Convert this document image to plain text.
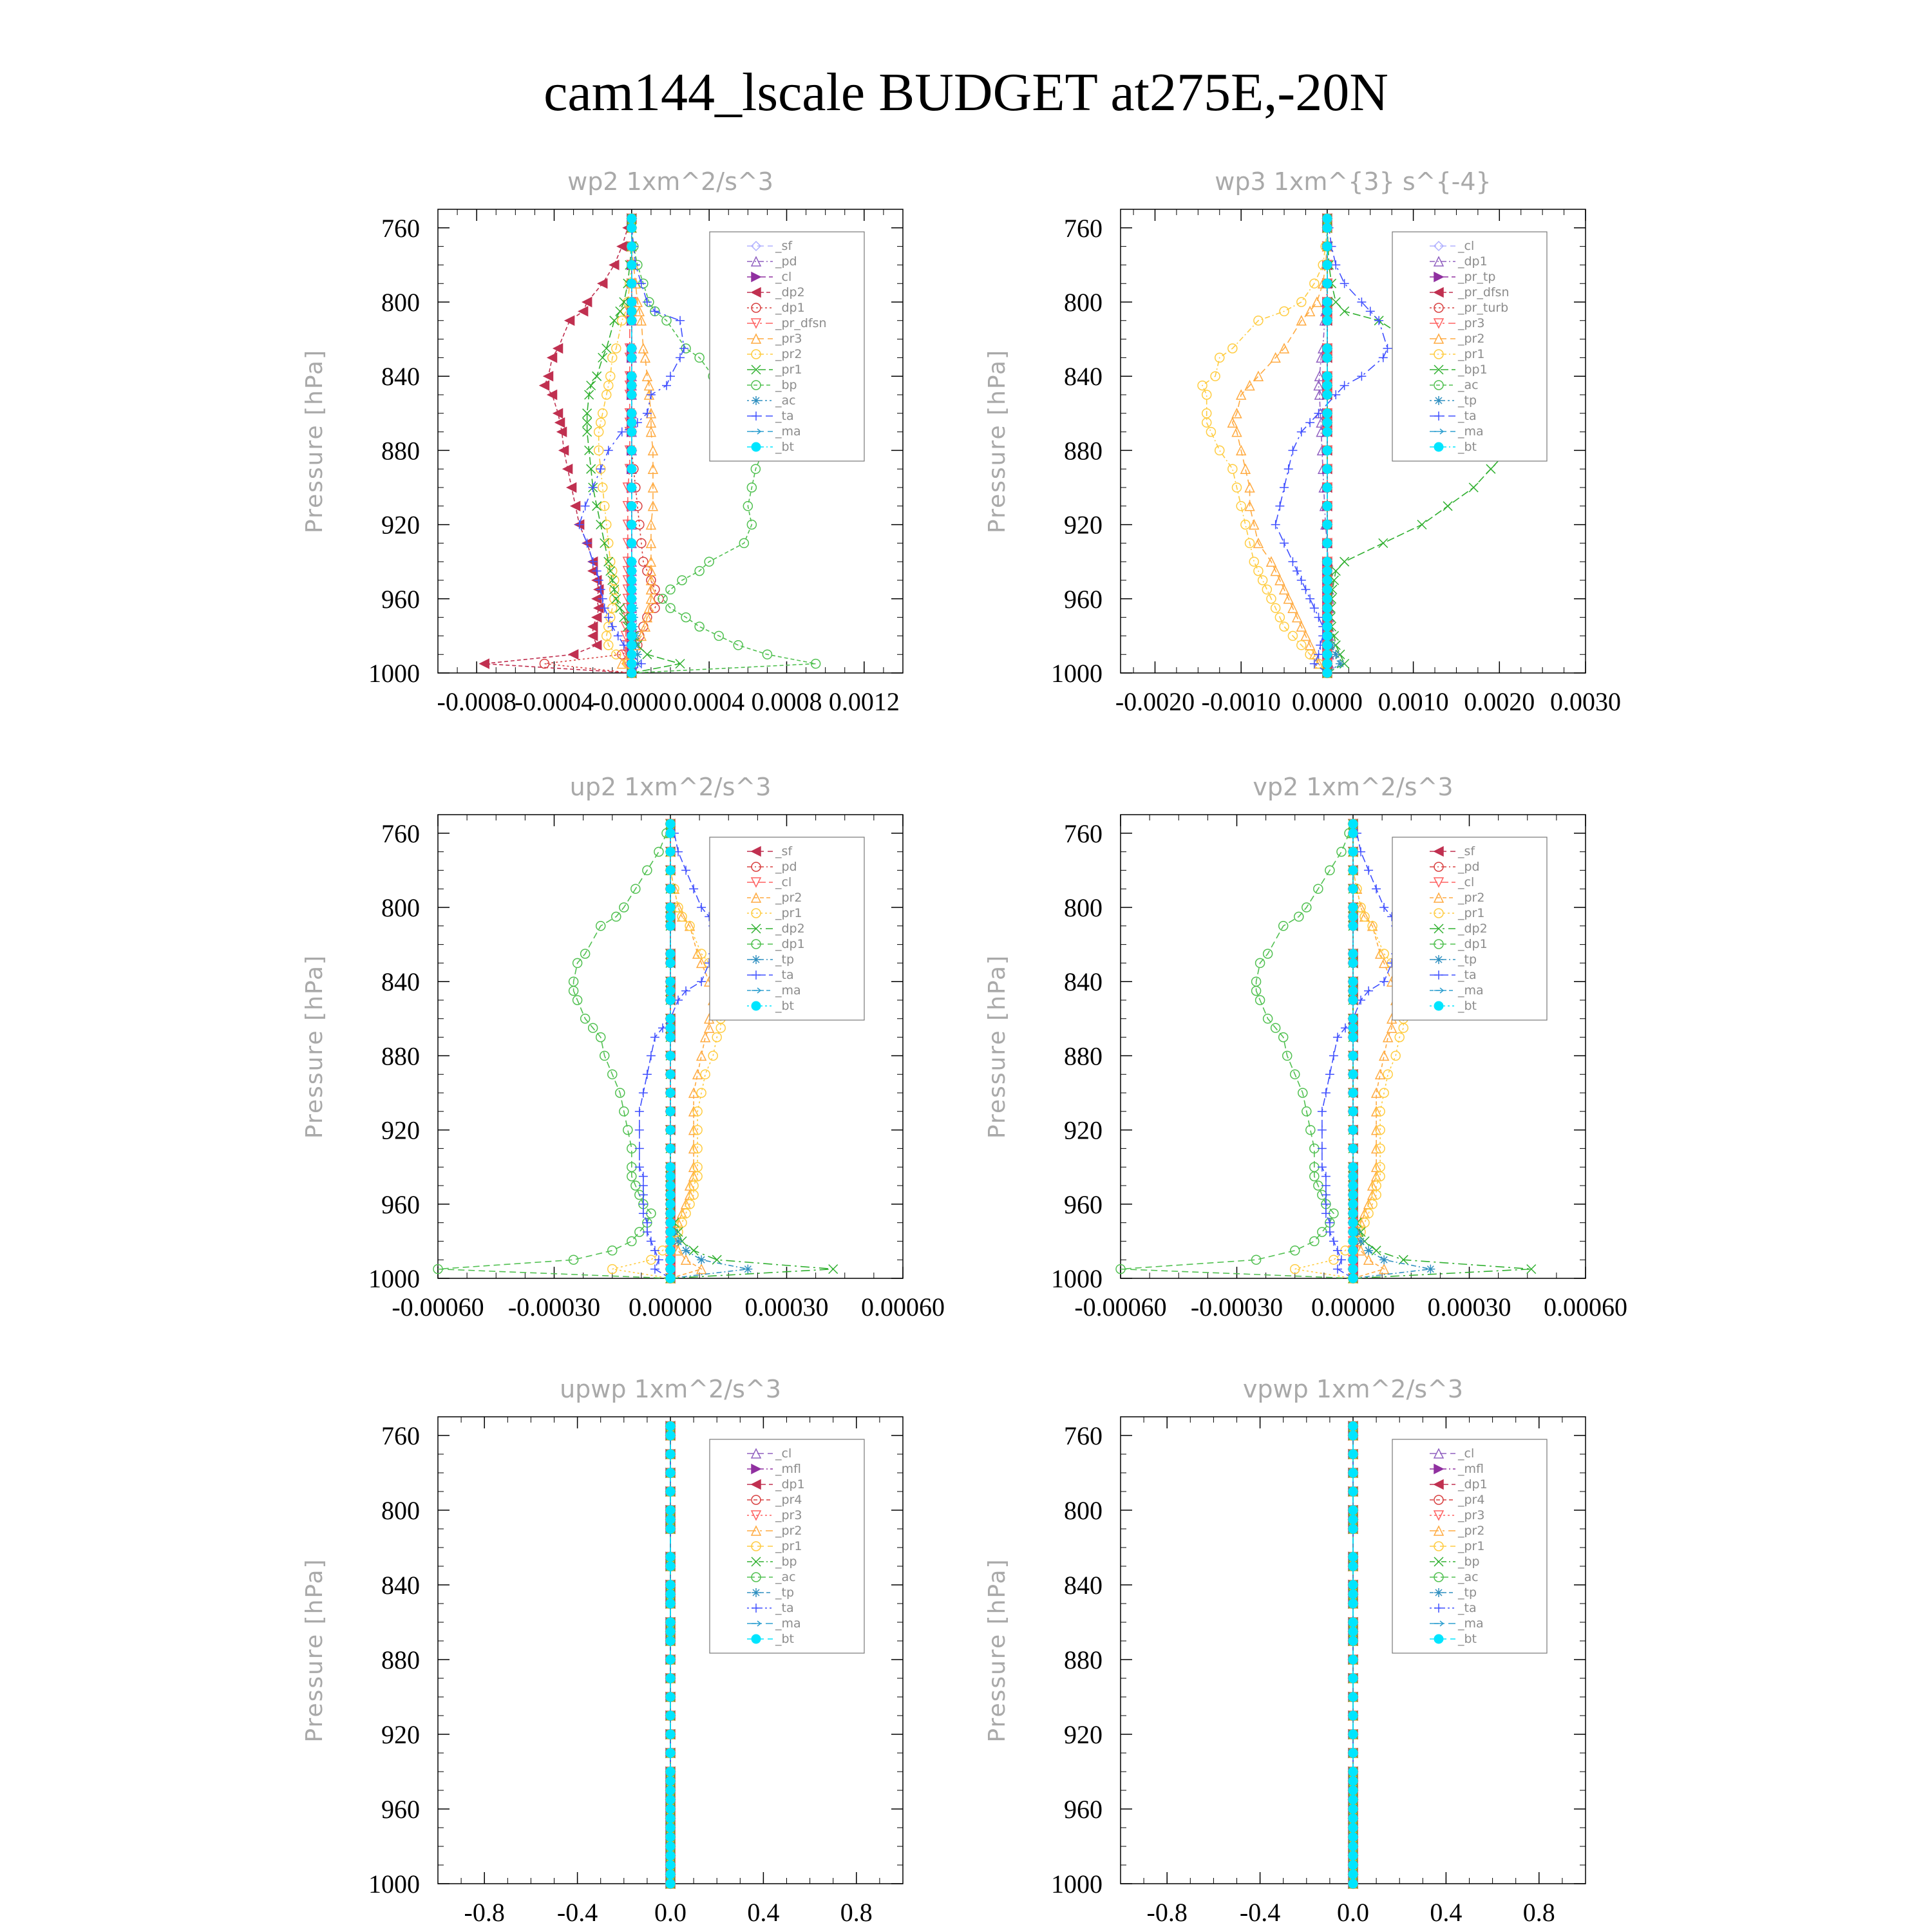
cam144_lscale BUDGET at275E,-20N
wp2 1xm^2/s^3
Pressure [hPa]
760
800
840
880
920
960
1000
-0.0008
-0.0004
-0.0000 0.0004 0.0008 0.0012
_sf
_pd
_cl
_dp2
_dp1
_pr_dfsn
_pr3
_pr2
_pr1
_bp
_ac
_ta
_ma
_bt
wp3 1xm^{3} s^{-4}
Pressure [hPa]
760
800
840
880
920
960
1000
-0.0020 -0.0010 0.0000 0.0010 0.0020 0.0030
_cl
_dp1
_pr_tp
_pr_dfsn
_pr_turb
_pr3
_pr2
_pr1
_bp1
_ac
_tp
_ta
_ma
_bt
up2 1xm^2/s^3
Pressure [hPa]
760
800
840
880
920
960
1000
-0.00060 -0.00030 0.00000 0.00030 0.00060
_sf
_pd
_cl
_pr2
_pr1
_dp2
_dp1
_tp
_ta
_ma
_bt
vp2 1xm^2/s^3
Pressure [hPa]
760
800
840
880
920
960
1000
-0.00060 -0.00030 0.00000 0.00030 0.00060
_sf
_pd
_cl
_pr2
_pr1
_dp2
_dp1
_tp
_ta
_ma
_bt
upwp 1xm^2/s^3
Pressure [hPa]
760
800
840
880
920
960
1000
-0.8 -0.4 0.0 0.4 0.8
_cl
_mfl
_dp1
_pr4
_pr3
_pr2
_pr1
_bp
_ac
_tp
_ta
_ma
_bt
vpwp 1xm^2/s^3
Pressure [hPa]
760
800
840
880
920
960
1000
-0.8 -0.4 0.0 0.4 0.8
_cl
_mfl
_dp1
_pr4
_pr3
_pr2
_pr1
_bp
_ac
_tp
_ta
_ma
_bt
